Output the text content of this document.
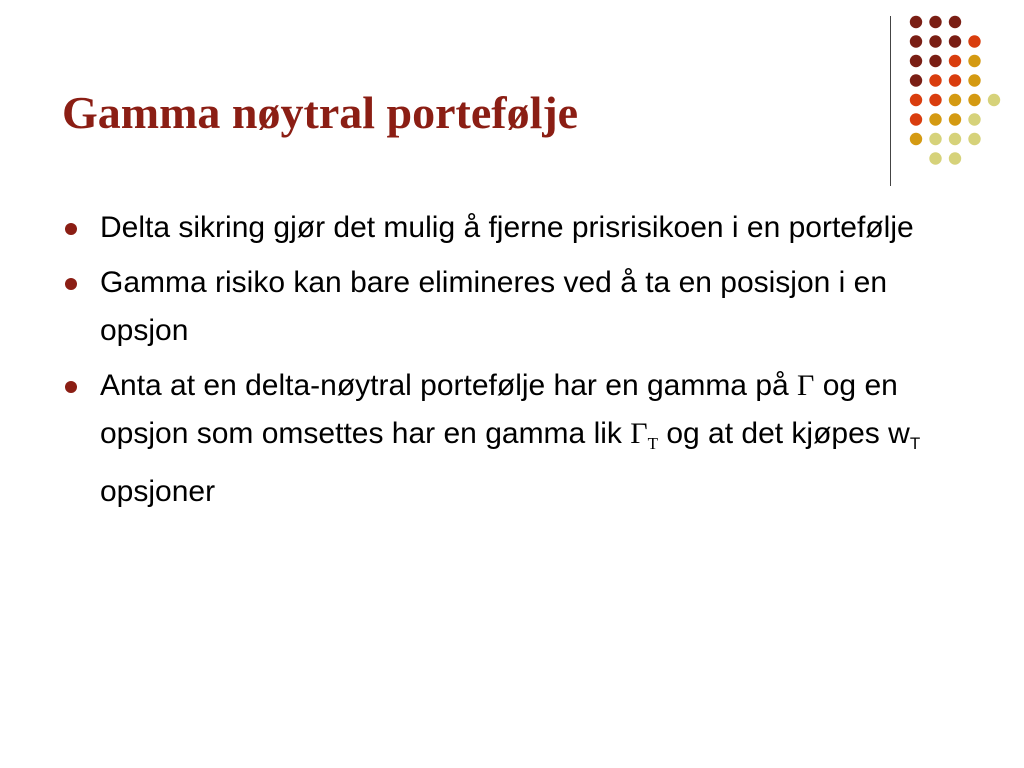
Gamma nøytral portefølje
Delta sikring gjør det mulig å fjerne prisrisikoen i en portefølje
Gamma risiko kan bare elimineres ved å ta en posisjon i en opsjon
Anta at en delta-nøytral portefølje har en gamma på Γ og en opsjon som omsettes har en gamma lik $\Gamma_T$ og at det kjøpes $w_T$ opsjoner
